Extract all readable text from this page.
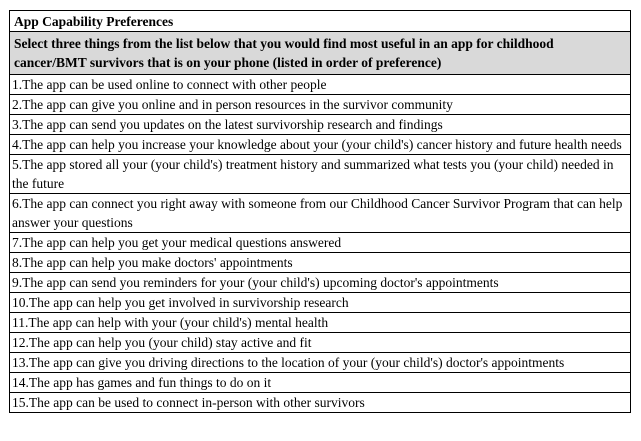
App Capability Preferences
Select three things from the list below that you would find most useful in an app for childhood cancer/BMT survivors that is on your phone (listed in order of preference)
1.The app can be used online to connect with other people
2.The app can give you online and in person resources in the survivor community
3.The app can send you updates on the latest survivorship research and findings
4.The app can help you increase your knowledge about your (your child's) cancer history and future health needs
5.The app stored all your (your child's) treatment history and summarized what tests you (your child) needed in the future
6.The app can connect you right away with someone from our Childhood Cancer Survivor Program that can help answer your questions
7.The app can help you get your medical questions answered
8.The app can help you make doctors' appointments
9.The app can send you reminders for your (your child's) upcoming doctor's appointments
10.The app can help you get involved in survivorship research
11.The app can help with your (your child's) mental health
12.The app can help you (your child) stay active and fit
13.The app can give you driving directions to the location of your (your child's) doctor's appointments
14.The app has games and fun things to do on it
15.The app can be used to connect in-person with other survivors
